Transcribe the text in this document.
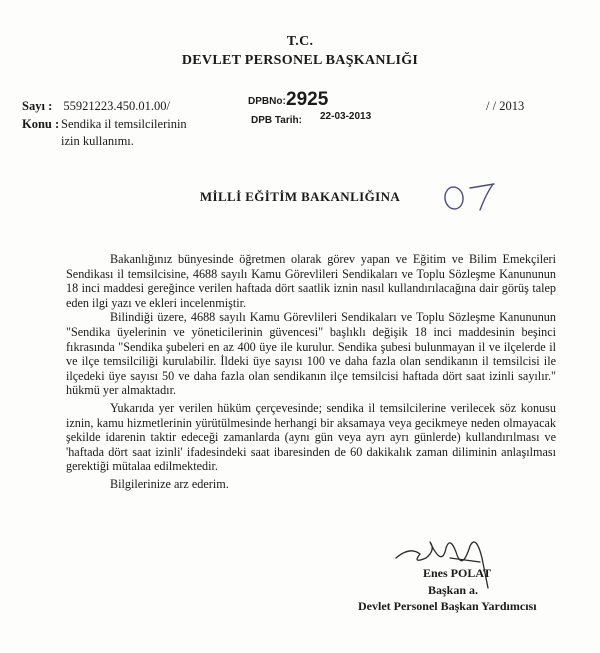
T.C.
DEVLET PERSONEL BAŞKANLIĞI
Sayı : 55921223.450.01.00/
Konu : Sendika il temsilcilerinin
izin kullanımı.
/ / 2013
DPBNo: 2925
DPB Tarih: 22-03-2013
MİLLİ EĞİTİM BAKANLIĞINA

Bakanlığınız bünyesinde öğretmen olarak görev yapan ve Eğitim ve Bilim Emekçileri Sendikası il temsilcisine, 4688 sayılı Kamu Görevlileri Sendikaları ve Toplu Sözleşme Kanununun 18 inci maddesi gereğince verilen haftada dört saatlik iznin nasıl kullandırılacağına dair görüş talep eden ilgi yazı ve ekleri incelenmiştir.

Bilindiği üzere, 4688 sayılı Kamu Görevlileri Sendikaları ve Toplu Sözleşme Kanununun "Sendika üyelerinin ve yöneticilerinin güvencesi" başlıklı değişik 18 inci maddesinin beşinci fıkrasında "Sendika şubeleri en az 400 üye ile kurulur. Sendika şubesi bulunmayan il ve ilçelerde il ve ilçe temsilciliği kurulabilir. İldeki üye sayısı 100 ve daha fazla olan sendikanın il temsilcisi ile ilçedeki üye sayısı 50 ve daha fazla olan sendikanın ilçe temsilcisi haftada dört saat izinli sayılır." hükmü yer almaktadır.

Yukarıda yer verilen hüküm çerçevesinde; sendika il temsilcilerine verilecek söz konusu iznin, kamu hizmetlerinin yürütülmesinde herhangi bir aksamaya veya gecikmeye neden olmayacak şekilde idarenin taktir edeceği zamanlarda (aynı gün veya ayrı ayrı günlerde) kullandırılması ve 'haftada dört saat izinli' ifadesindeki saat ibaresinden de 60 dakikalık zaman diliminin anlaşılması gerektiği mütalaa edilmektedir.

Bilgilerinize arz ederim.

Enes POLAT
Başkan a.
Devlet Personel Başkan Yardımcısı
